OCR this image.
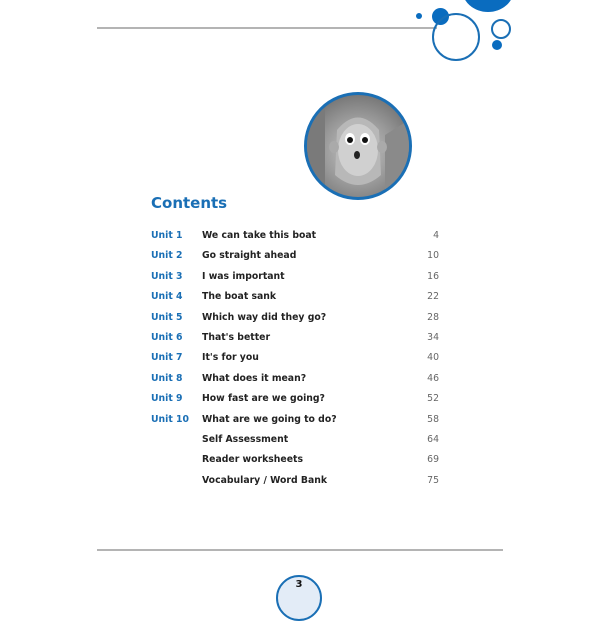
Contents
Unit 1 We can take this boat	4
Unit 2 Go straight ahead	10
Unit 3 I was important	16
Unit 4 The boat sank	22
Unit 5 Which way did they go?	28
Unit 6 That's better	34
Unit 7 It's for you	40
Unit 8 What does it mean?	46
Unit 9 How fast are we going?	52
Unit 10 What are we going to do?	58
Self Assessment	64
Reader worksheets	69
Vocabulary / Word Bank	75
3
